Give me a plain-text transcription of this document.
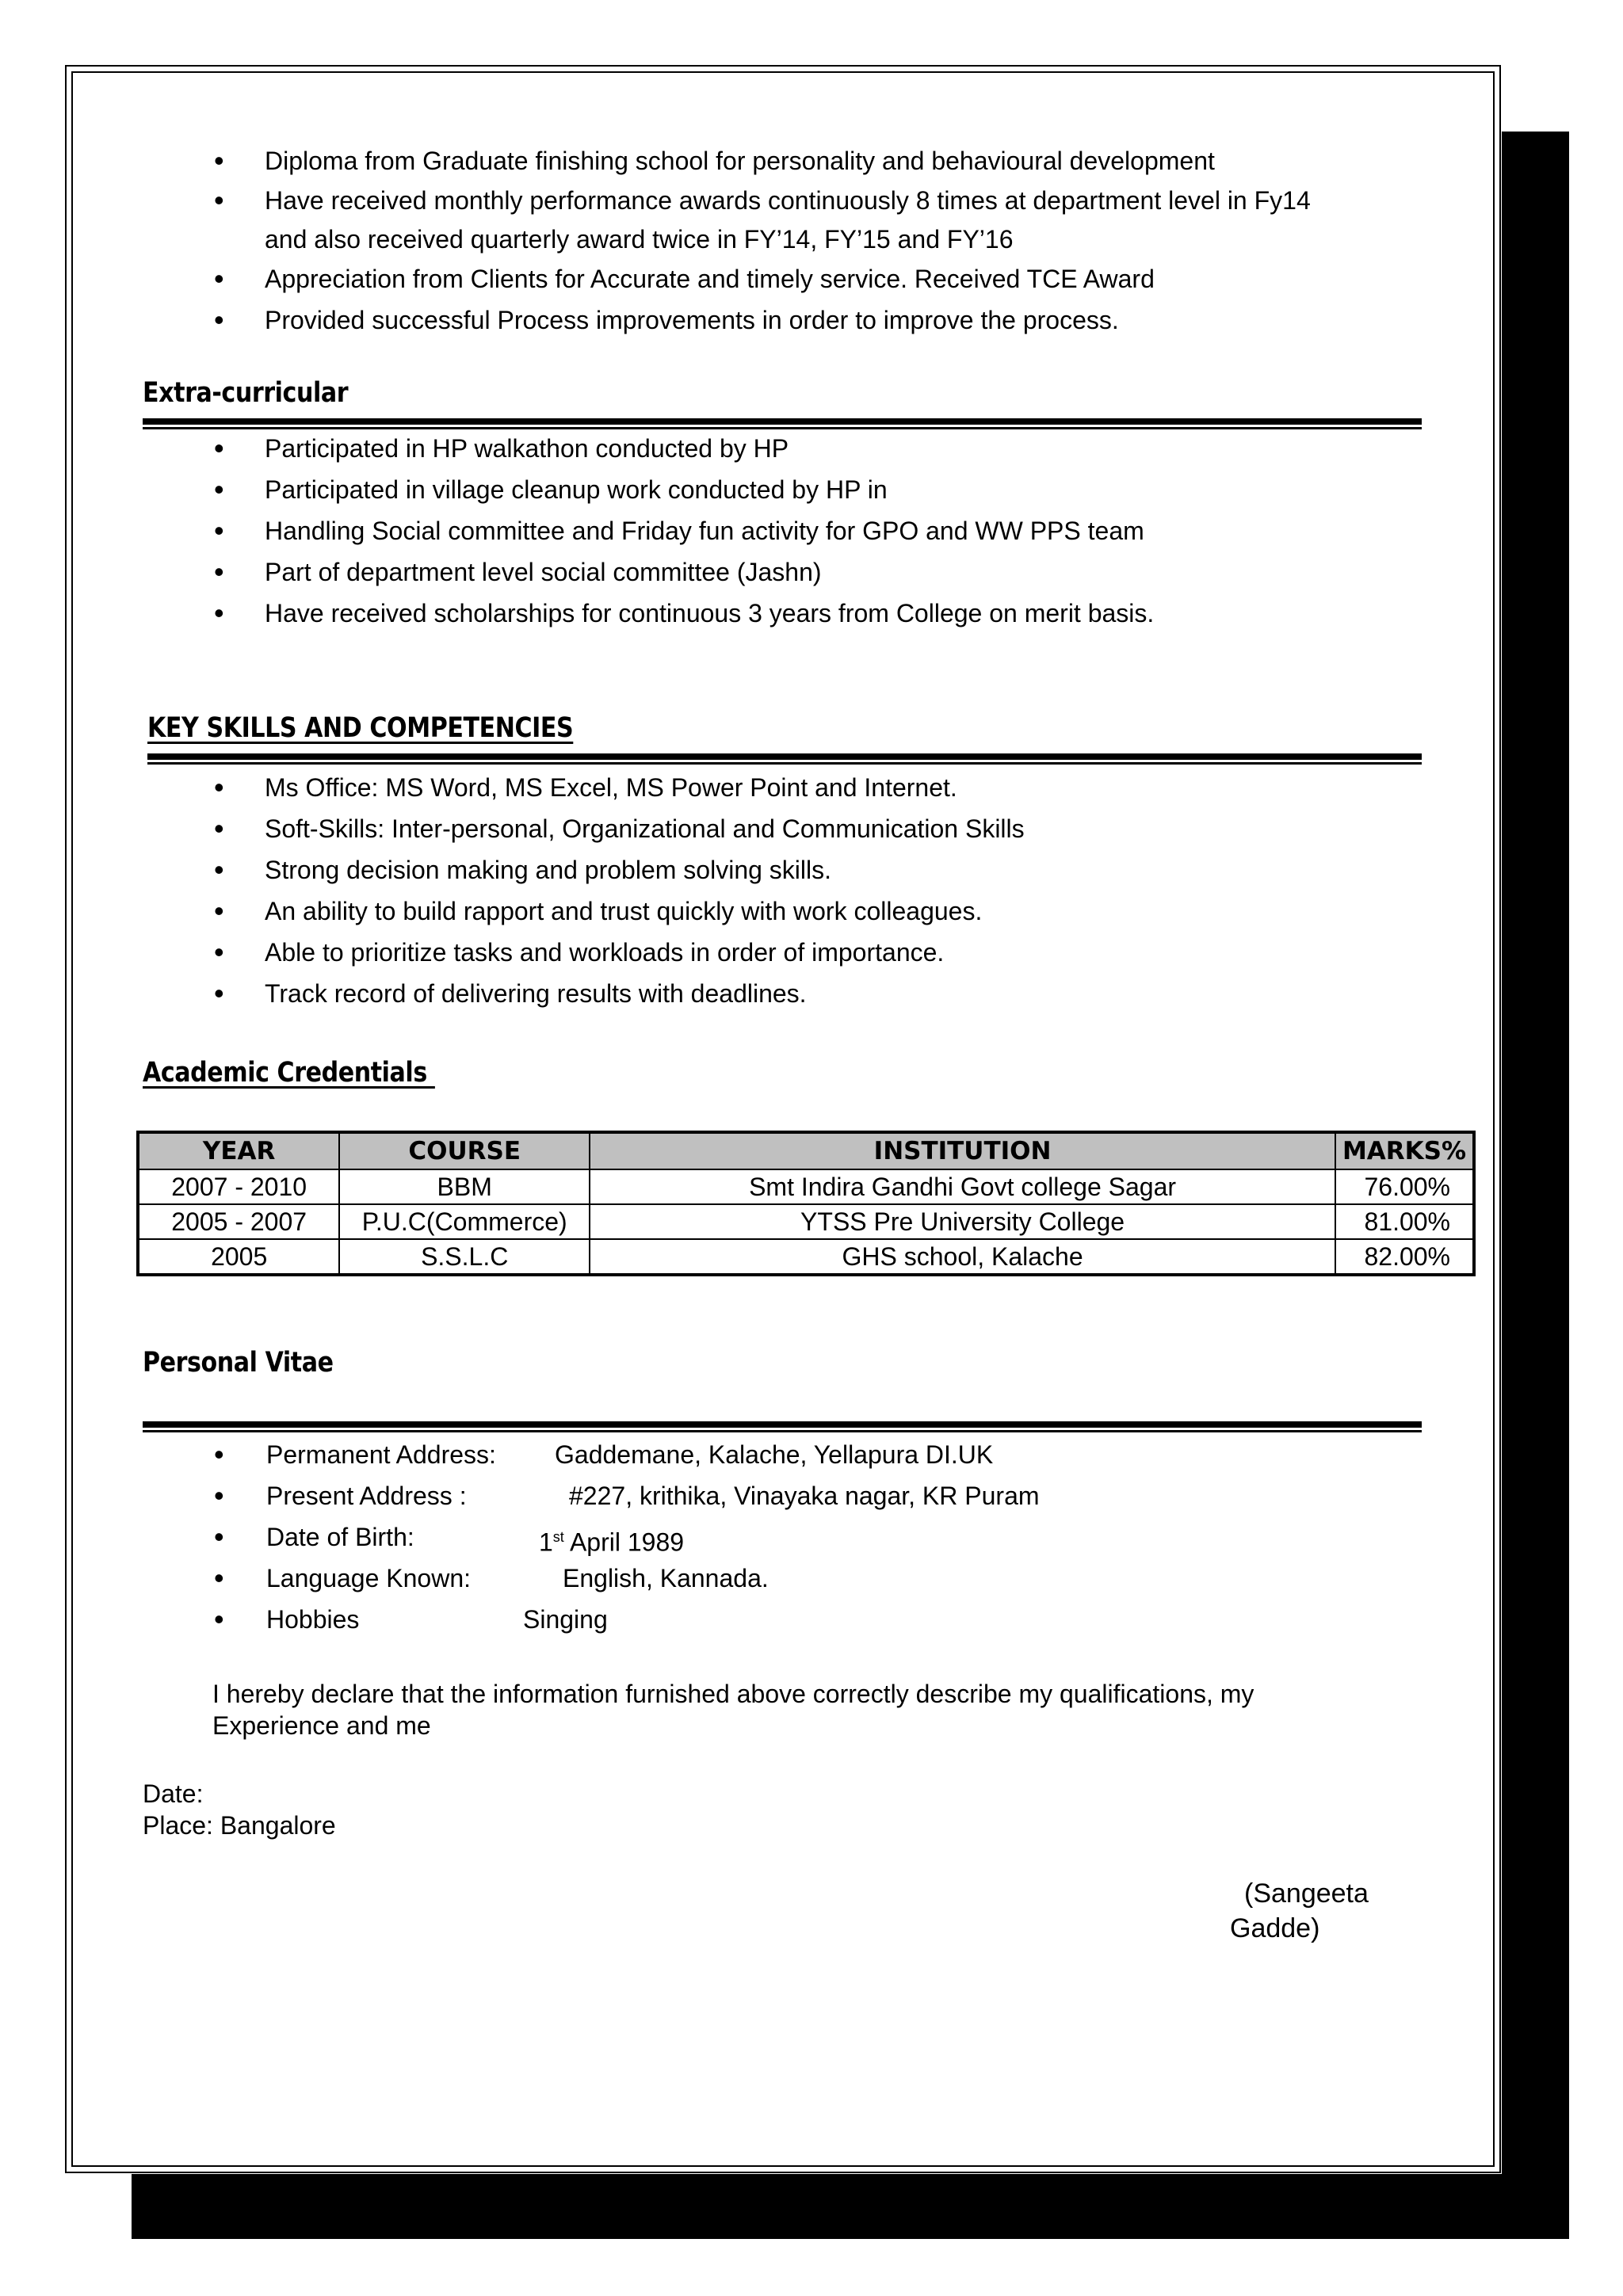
• Diploma from Graduate finishing school for personality and behavioural development
• Have received monthly performance awards continuously 8 times at department level in Fy14
and also received quarterly award twice in FY’14, FY’15 and FY’16
• Appreciation from Clients for Accurate and timely service. Received TCE Award
• Provided successful Process improvements in order to improve the process.
Extra-curricular
• Participated in HP walkathon conducted by HP
• Participated in village cleanup work conducted by HP in
• Handling Social committee and Friday fun activity for GPO and WW PPS team
• Part of department level social committee (Jashn)
• Have received scholarships for continuous 3 years from College on merit basis.
KEY SKILLS AND COMPETENCIES
• Ms Office: MS Word, MS Excel, MS Power Point and Internet.
• Soft-Skills: Inter-personal, Organizational and Communication Skills
• Strong decision making and problem solving skills.
• An ability to build rapport and trust quickly with work colleagues.
• Able to prioritize tasks and workloads in order of importance.
• Track record of delivering results with deadlines.
Academic Credentials
YEAR	COURSE	INSTITUTION	MARKS%
2007 - 2010	BBM	Smt Indira Gandhi Govt college Sagar	76.00%
2005 - 2007	P.U.C(Commerce)	YTSS Pre University College	81.00%
2005	S.S.L.C	GHS school, Kalache	82.00%
Personal Vitae
• Permanent Address: Gaddemane, Kalache, Yellapura DI.UK
• Present Address :	#227, krithika, Vinayaka nagar, KR Puram
• Date of Birth:	1st April 1989
• Language Known:	English, Kannada.
• Hobbies	Singing
I hereby declare that the information furnished above correctly describe my qualifications, my
Experience and me
Date:
Place: Bangalore
(Sangeeta
Gadde)
